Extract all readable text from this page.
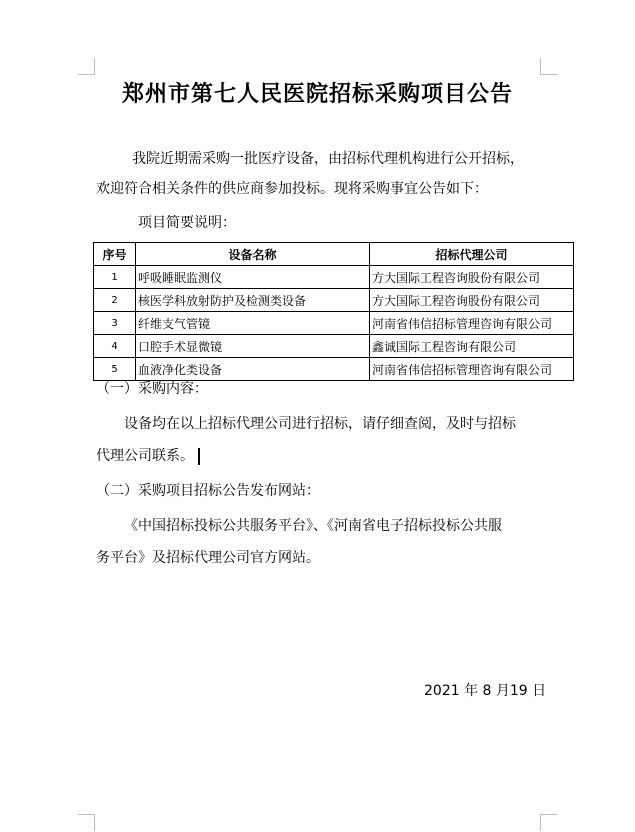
郑州市第七人民医院招标采购项目公告
我院近期需采购一批医疗设备，由招标代理机构进行公开招标，
欢迎符合相关条件的供应商参加投标。现将采购事宜公告如下：
项目简要说明：
序号	设备名称	招标代理公司
1	呼吸睡眠监测仪	方大国际工程咨询股份有限公司
2	核医学科放射防护及检测类设备	方大国际工程咨询股份有限公司
3	纤维支气管镜	河南省伟信招标管理咨询有限公司
4	口腔手术显微镜	鑫诚国际工程咨询有限公司
5	血液净化类设备	河南省伟信招标管理咨询有限公司
（一）采购内容：
设备均在以上招标代理公司进行招标，请仔细查阅，及时与招标
代理公司联系。
（二）采购项目招标公告发布网站：
《中国招标投标公共服务平台》、《河南省电子招标投标公共服
务平台》及招标代理公司官方网站。
2021 年 8 月19 日
